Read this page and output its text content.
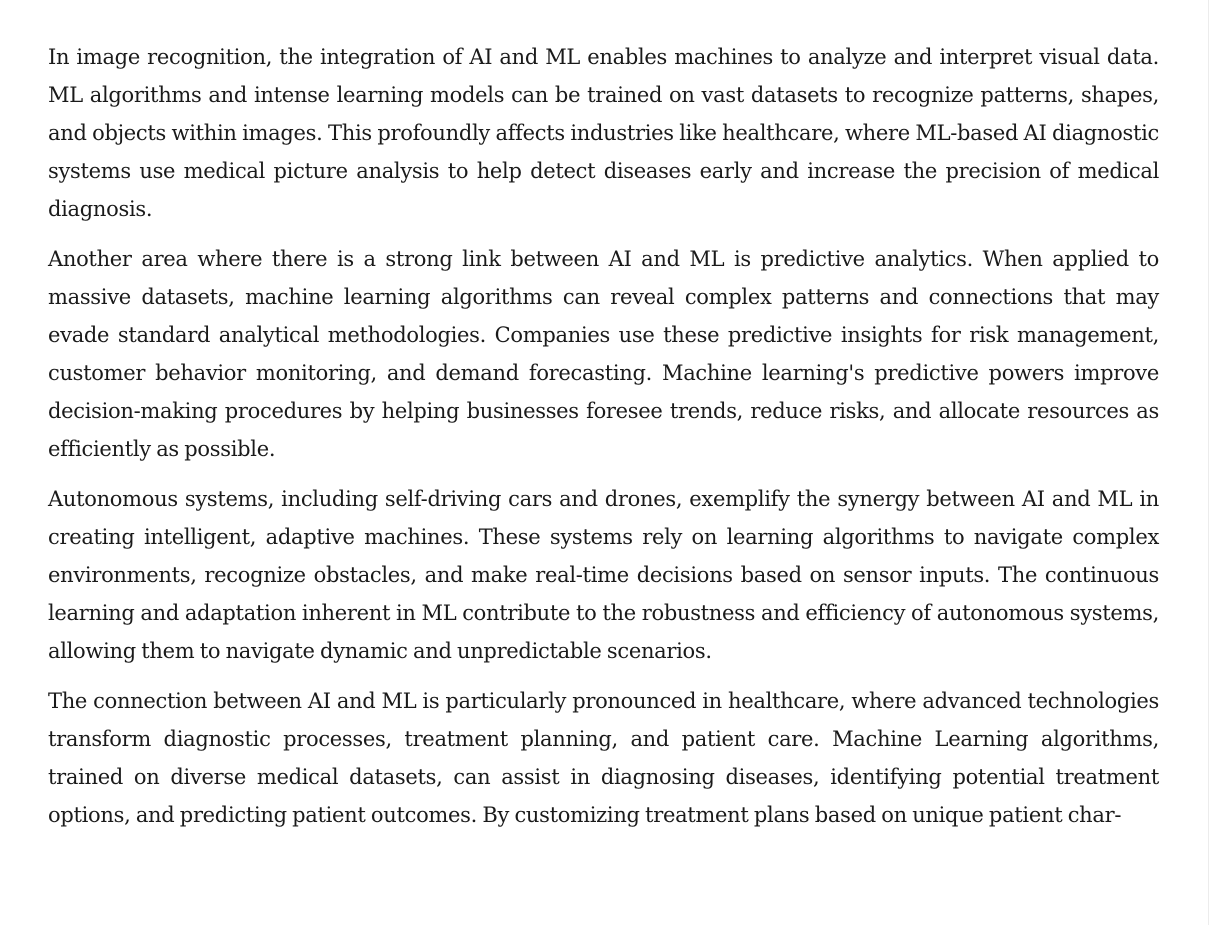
In image recognition, the integration of AI and ML enables machines to analyze and interpret visual data. ML algorithms and intense learning models can be trained on vast datasets to recognize patterns, shapes, and objects within images. This profoundly affects industries like healthcare, where ML-based AI diagnostic systems use medical picture analysis to help detect diseases early and increase the precision of medical diagnosis.

Another area where there is a strong link between AI and ML is predictive analytics. When applied to massive datasets, machine learning algorithms can reveal complex patterns and connections that may evade standard analytical methodologies. Companies use these predictive insights for risk management, customer behavior monitoring, and demand forecasting. Machine learning's predictive powers improve decision-making procedures by helping businesses foresee trends, reduce risks, and allocate resources as efficiently as possible.

Autonomous systems, including self-driving cars and drones, exemplify the synergy between AI and ML in creating intelligent, adaptive machines. These systems rely on learning algorithms to navigate complex environments, recognize obstacles, and make real-time decisions based on sensor inputs. The continuous learning and adaptation inherent in ML contribute to the robustness and efficiency of autonomous systems, allowing them to navigate dynamic and unpredictable scenarios.

The connection between AI and ML is particularly pronounced in healthcare, where advanced technologies transform diagnostic processes, treatment planning, and patient care. Machine Learning algorithms, trained on diverse medical datasets, can assist in diagnosing diseases, identifying potential treatment options, and predicting patient outcomes. By customizing treatment plans based on unique patient char-
